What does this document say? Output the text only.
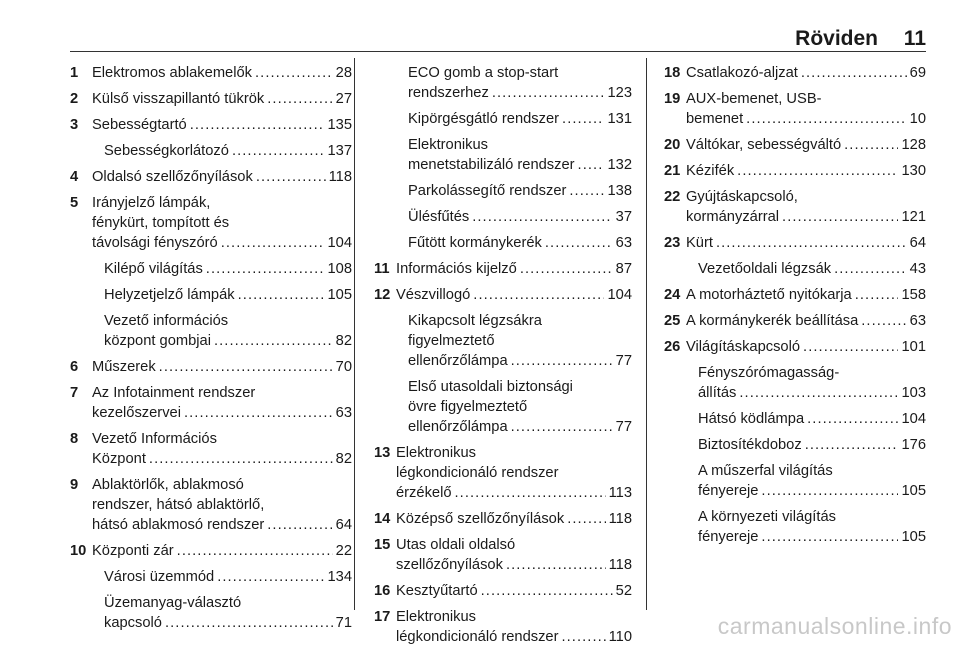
Röviden 11
1 Elektromos ablakemelők . . .	28
2 Külső visszapillantó tükrök . . .	27
3 Sebességtartó . . .	135
Sebességkorlátozó . . .	137
4 Oldalsó szellőzőnyílások . . .	118
5 Irányjelző lámpák,
fénykürt, tompított és
távolsági fényszóró . . .	104
Kilépő világítás . . .	108
Helyzetjelző lámpák . . .	105
Vezető információs
központ gombjai . . .	82
6 Műszerek . . .	70
7 Az Infotainment rendszer
kezelőszervei . . .	63
8 Vezető Információs
Központ . . .	82
9 Ablaktörlők, ablakmosó
rendszer, hátsó ablaktörlő,
hátsó ablakmosó rendszer . . .	64
10 Központi zár . . .	22
Városi üzemmód . . .	134
Üzemanyag-választó
kapcsoló . . .	71
ECO gomb a stop-start
rendszerhez . . .	123
Kipörgésgátló rendszer . . .	131
Elektronikus
menetstabilizáló rendszer . . . 132
Parkolássegítő rendszer . . .	138
Ülésfűtés . . .	37
Fűtött kormánykerék . . .	63
11 Információs kijelző . . .	87
12 Vészvillogó . . .	104
Kikapcsolt légzsákra
figyelmeztető
ellenőrzőlámpa . . .	77
Első utasoldali biztonsági
övre figyelmeztető
ellenőrzőlámpa . . .	77
13 Elektronikus
légkondicionáló rendszer
érzékelő . . .	113
14 Középső szellőzőnyílások . . .	118
15 Utas oldali oldalsó
szellőzőnyílások . . .	118
16 Kesztyűtartó . . .	52
17 Elektronikus
légkondicionáló rendszer . . .	110
18 Csatlakozó-aljzat . . .	69
19 AUX-bemenet, USB-
bemenet . . .	10
20 Váltókar, sebességváltó . . .	128
21 Kézifék . . .	130
22 Gyújtáskapcsoló,
kormányzárral . . .	121
23 Kürt . . .	64
Vezetőoldali légzsák . . .	43
24 A motorháztető nyitókarja . . .	158
25 A kormánykerék beállítása . . .	63
26 Világításkapcsoló . . .	101
Fényszórómagasság-
állítás . . .	103
Hátsó ködlámpa . . .	104
Biztosítékdoboz . . .	176
A műszerfal világítás
fényereje . . .	105
A környezeti világítás
fényereje . . .	105
carmanualsonline.info
